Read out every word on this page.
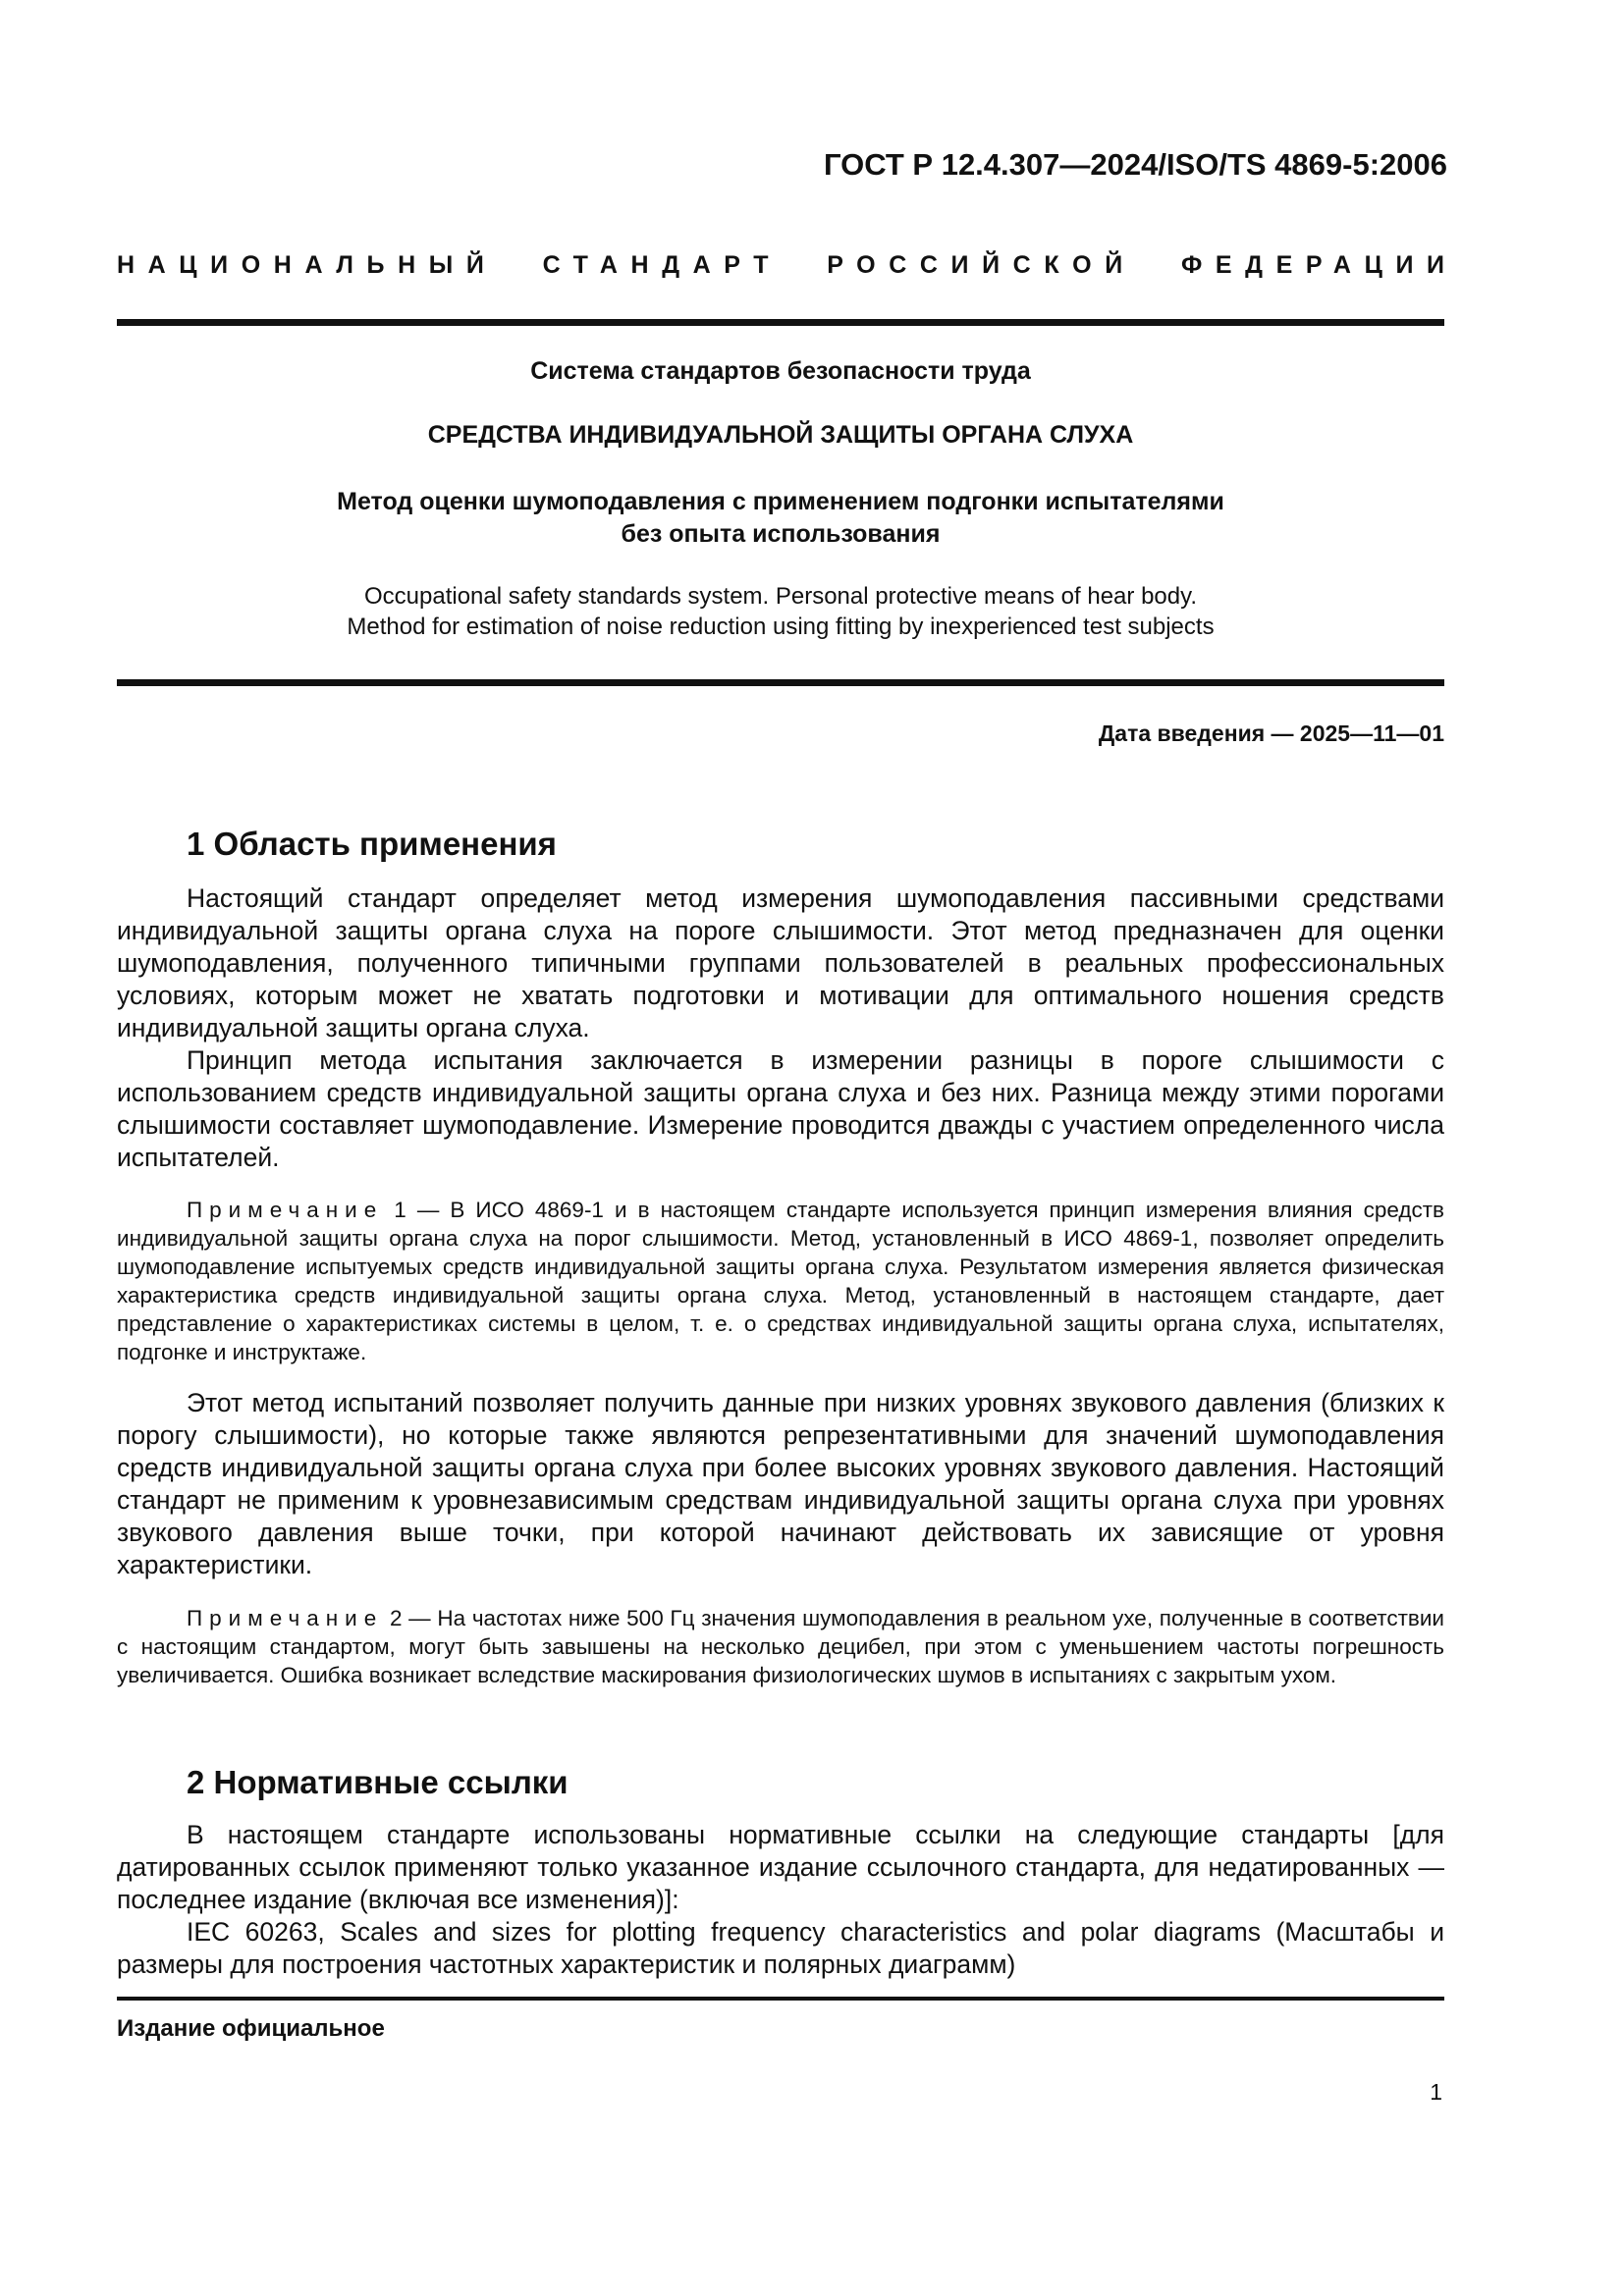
ГОСТ Р 12.4.307—2024/ISO/TS 4869-5:2006
НАЦИОНАЛЬНЫЙ СТАНДАРТ РОССИЙСКОЙ ФЕДЕРАЦИИ
Система стандартов безопасности труда
СРЕДСТВА ИНДИВИДУАЛЬНОЙ ЗАЩИТЫ ОРГАНА СЛУХА
Метод оценки шумоподавления с применением подгонки испытателями
без опыта использования
Occupational safety standards system. Personal protective means of hear body.
Method for estimation of noise reduction using fitting by inexperienced test subjects
Дата введения — 2025—11—01
1 Область применения

Настоящий стандарт определяет метод измерения шумоподавления пассивными средствами индивидуальной защиты органа слуха на пороге слышимости. Этот метод предназначен для оценки шумоподавления, полученного типичными группами пользователей в реальных профессиональных условиях, которым может не хватать подготовки и мотивации для оптимального ношения средств индивидуальной защиты органа слуха.

Принцип метода испытания заключается в измерении разницы в пороге слышимости с использованием средств индивидуальной защиты органа слуха и без них. Разница между этими порогами слышимости составляет шумоподавление. Измерение проводится дважды с участием определенного числа испытателей.

Примечание 1 — В ИСО 4869-1 и в настоящем стандарте используется принцип измерения влияния средств индивидуальной защиты органа слуха на порог слышимости. Метод, установленный в ИСО 4869-1, позволяет определить шумоподавление испытуемых средств индивидуальной защиты органа слуха. Результатом измерения является физическая характеристика средств индивидуальной защиты органа слуха. Метод, установленный в настоящем стандарте, дает представление о характеристиках системы в целом, т. е. о средствах индивидуальной защиты органа слуха, испытателях, подгонке и инструктаже.

Этот метод испытаний позволяет получить данные при низких уровнях звукового давления (близких к порогу слышимости), но которые также являются репрезентативными для значений шумоподавления средств индивидуальной защиты органа слуха при более высоких уровнях звукового давления. Настоящий стандарт не применим к уровнезависимым средствам индивидуальной защиты органа слуха при уровнях звукового давления выше точки, при которой начинают действовать их зависящие от уровня характеристики.

Примечание 2 — На частотах ниже 500 Гц значения шумоподавления в реальном ухе, полученные в соответствии с настоящим стандартом, могут быть завышены на несколько децибел, при этом с уменьшением частоты погрешность увеличивается. Ошибка возникает вследствие маскирования физиологических шумов в испытаниях с закрытым ухом.

2 Нормативные ссылки

В настоящем стандарте использованы нормативные ссылки на следующие стандарты [для датированных ссылок применяют только указанное издание ссылочного стандарта, для недатированных — последнее издание (включая все изменения)]:

IEC 60263, Scales and sizes for plotting frequency characteristics and polar diagrams (Масштабы и размеры для построения частотных характеристик и полярных диаграмм)

Издание официальное
1
